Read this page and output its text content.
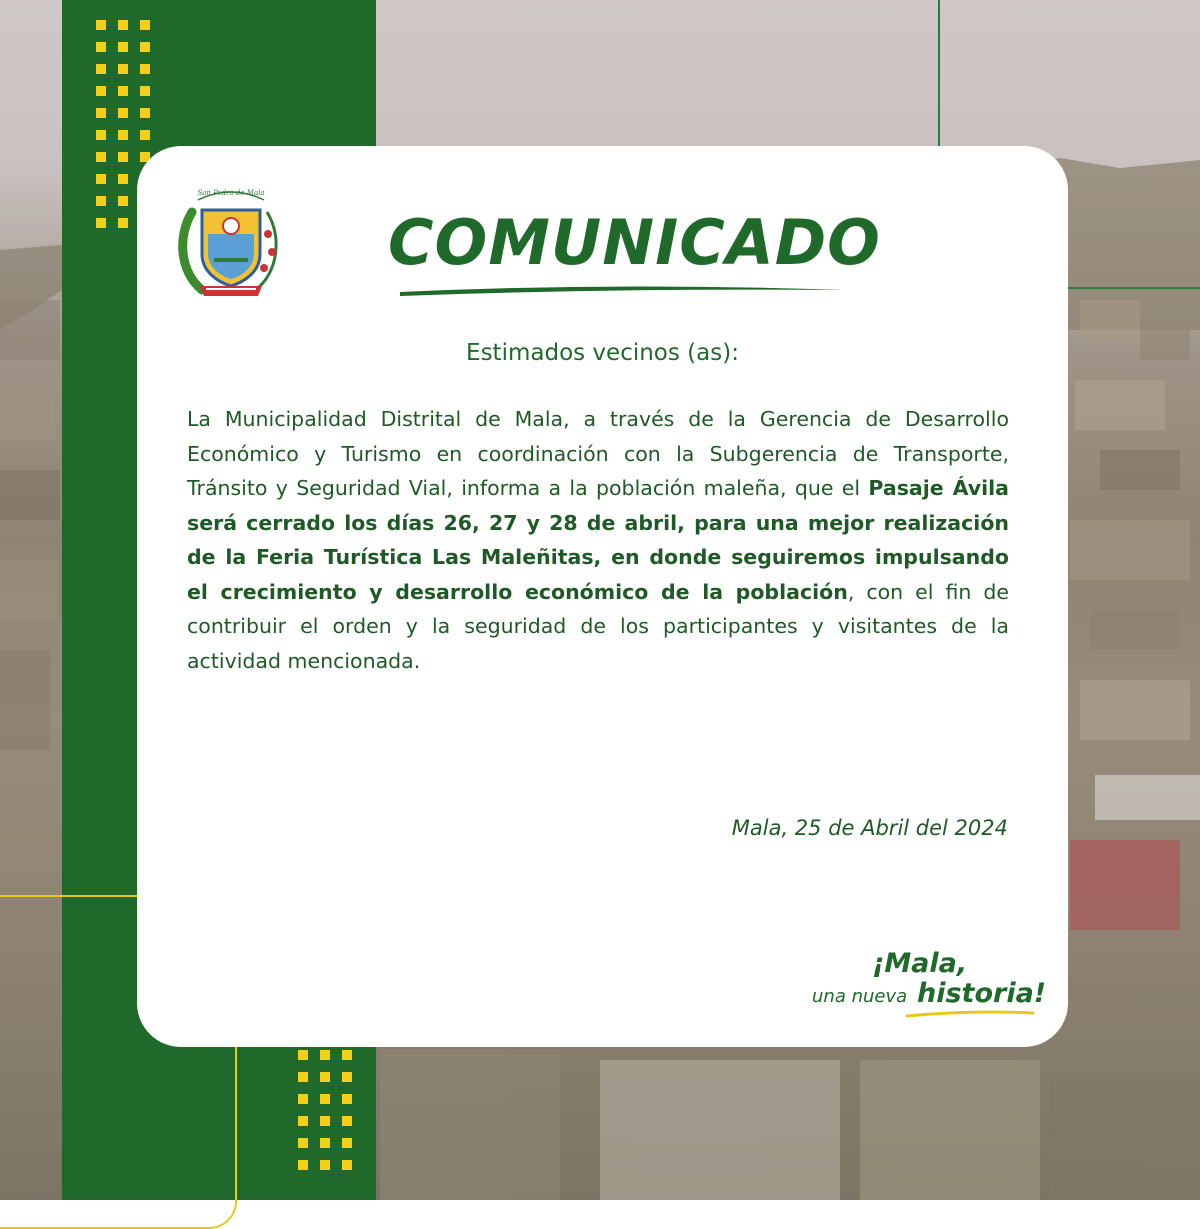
San Pedro de Mala
COMUNICADO
Estimados vecinos (as):
La Municipalidad Distrital de Mala, a través de la Gerencia de Desarrollo Económico y Turismo en coordinación con la Subgerencia de Transporte, Tránsito y Seguridad Vial, informa a la población maleña, que el Pasaje Ávila será cerrado los días 26, 27 y 28 de abril, para una mejor realización de la Feria Turística Las Maleñitas, en donde seguiremos impulsando el crecimiento y desarrollo económico de la población, con el fin de contribuir el orden y la seguridad de los participantes y visitantes de la actividad mencionada.
Mala, 25 de Abril del 2024
¡Mala,
una nueva historia!
